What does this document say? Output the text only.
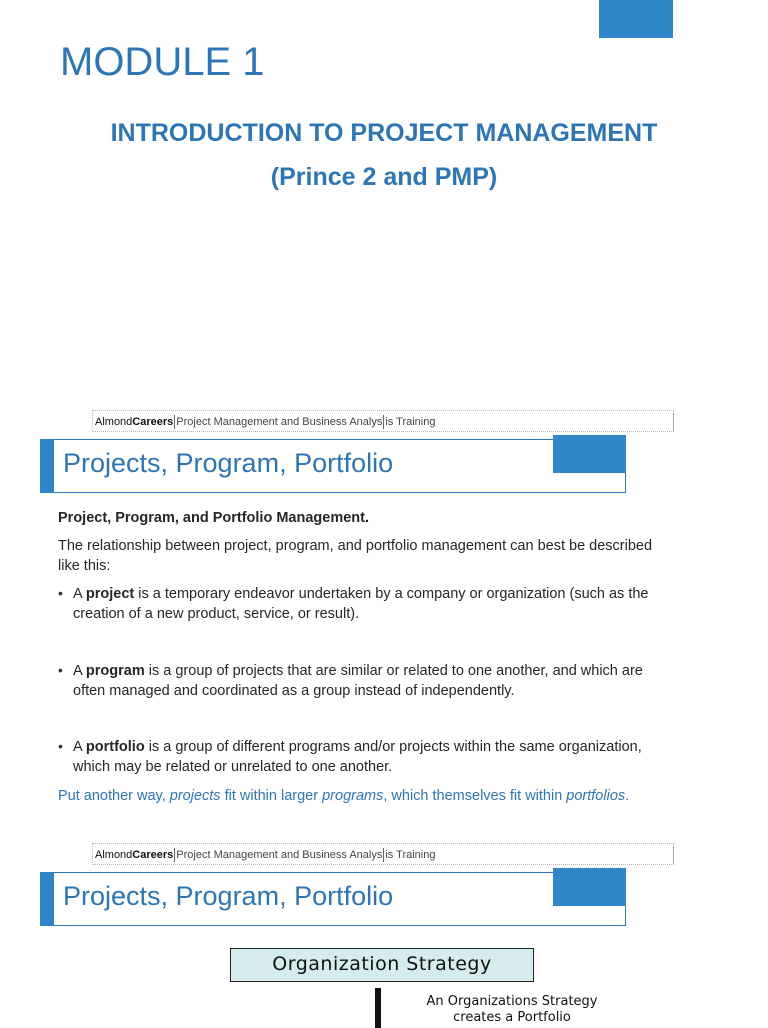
MODULE 1
INTRODUCTION TO PROJECT MANAGEMENT
(Prince 2 and PMP)
AlmondCareers Project Management and Business Analys is Training
Projects, Program, Portfolio
Project, Program, and Portfolio Management.
The relationship between project, program, and portfolio management can best be described
like this:
• A project is a temporary endeavor undertaken by a company or organization (such as the
creation of a new product, service, or result).
• A program is a group of projects that are similar or related to one another, and which are
often managed and coordinated as a group instead of independently.
• A portfolio is a group of different programs and/or projects within the same organization,
which may be related or unrelated to one another.
Put another way, projects fit within larger programs, which themselves fit within portfolios.
AlmondCareers Project Management and Business Analys is Training
Projects, Program, Portfolio
Organization Strategy
An Organizations Strategy
creates a Portfolio
